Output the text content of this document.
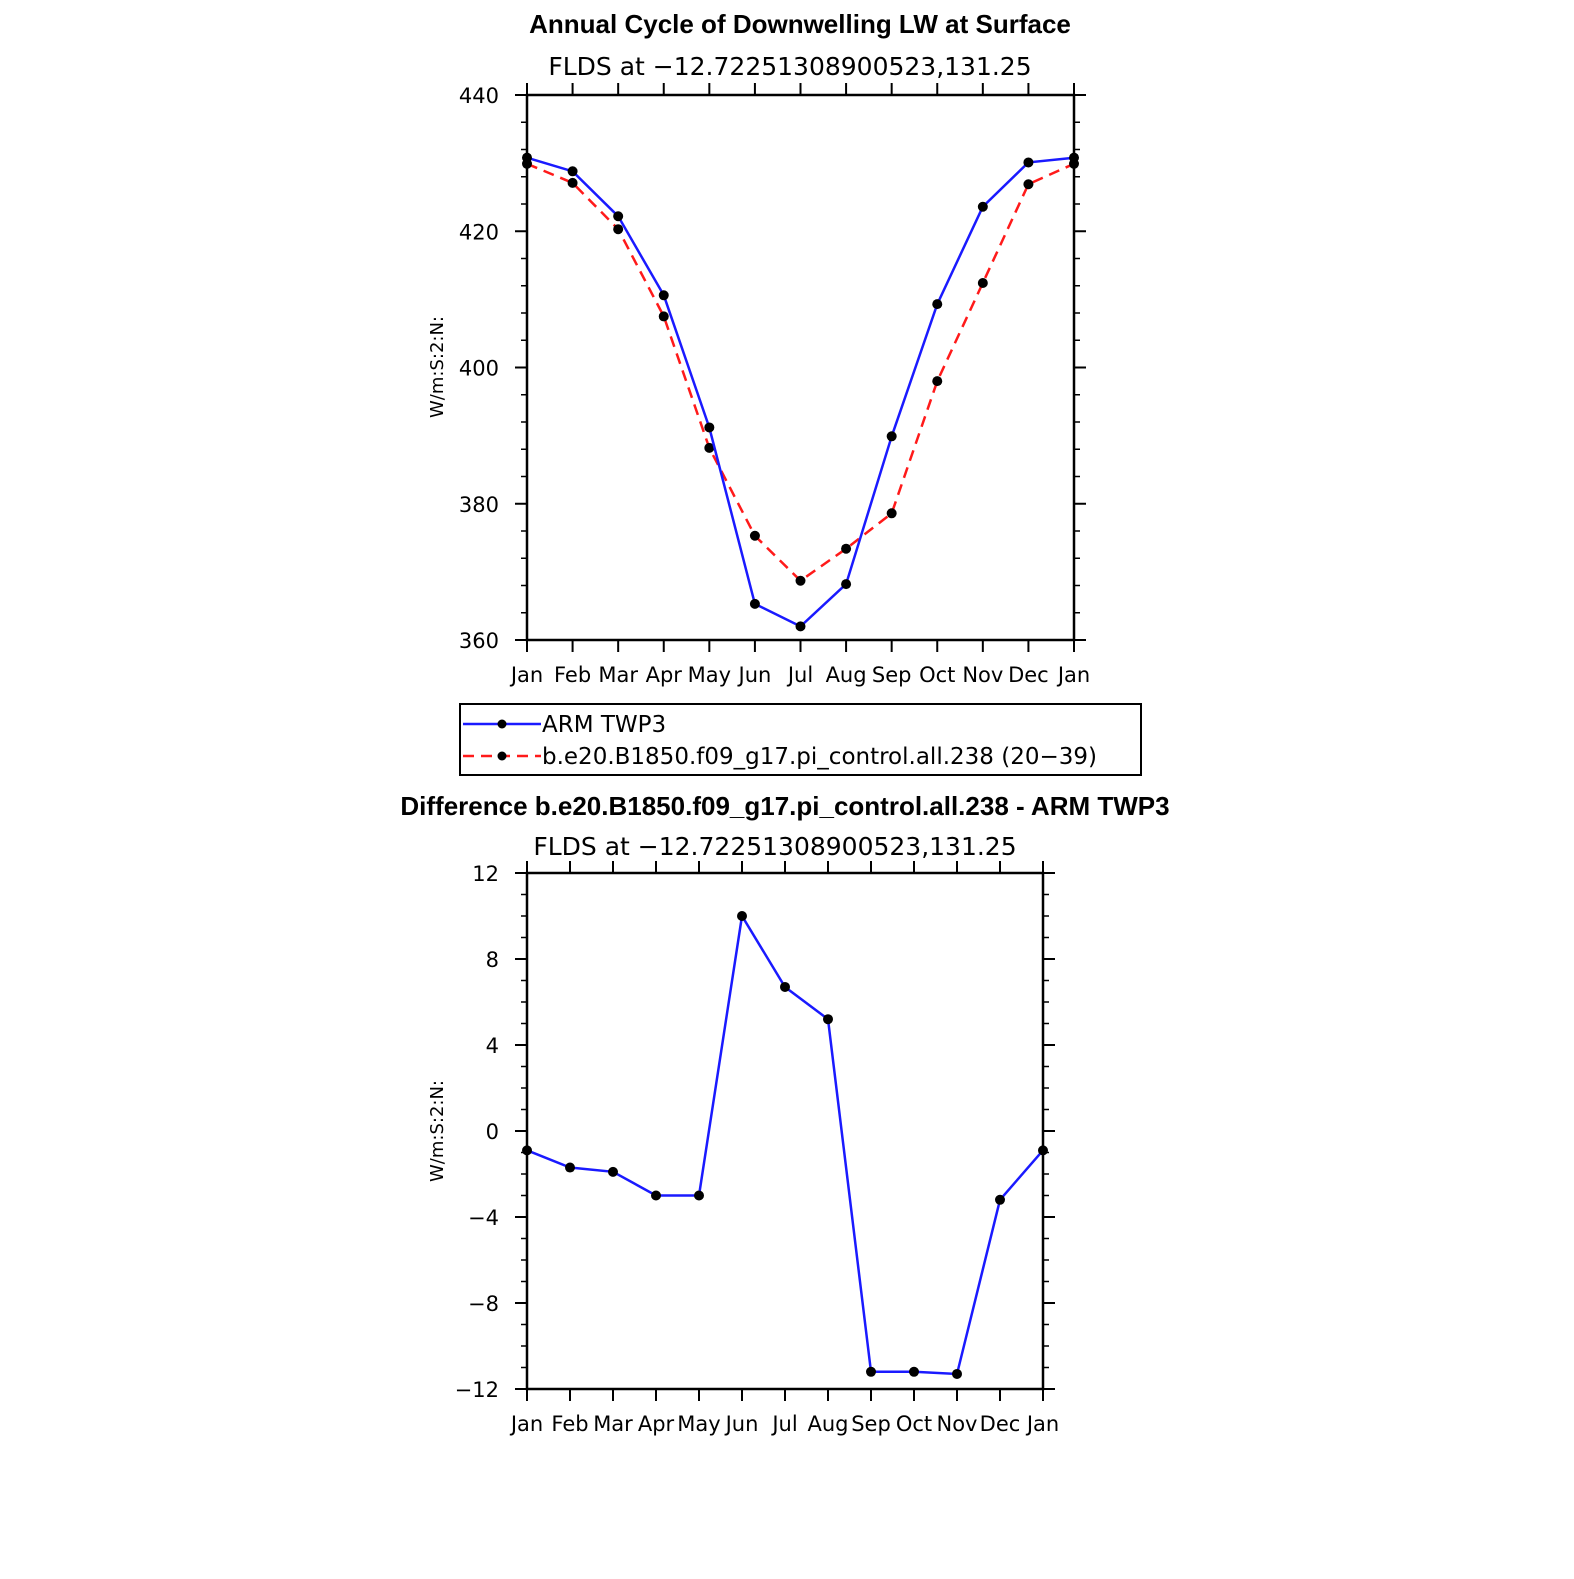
Annual Cycle of Downwelling LW at Surface
FLDS at −12.72251308900523,131.25
W/m:S:2:N:
Jan Feb Mar Apr May Jun Jul Aug Sep Oct Nov Dec Jan
360
380
400
420
440
ARM TWP3
b.e20.B1850.f09_g17.pi_control.all.238 (20−39)
Difference b.e20.B1850.f09_g17.pi_control.all.238 - ARM TWP3
FLDS at −12.72251308900523,131.25
W/m:S:2:N:
Jan Feb Mar Apr May Jun Jul Aug Sep Oct Nov Dec Jan
−12
−8
−4
0
4
8
12
